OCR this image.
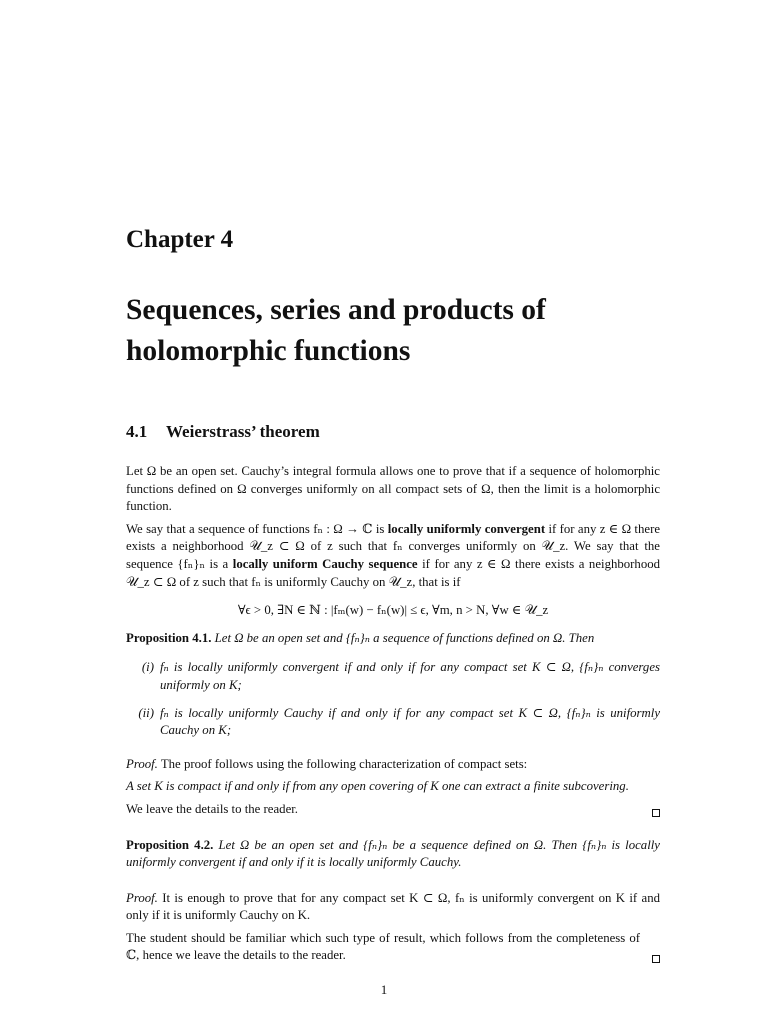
Chapter 4
Sequences, series and products of holomorphic functions
4.1 Weierstrass’ theorem

Let Ω be an open set. Cauchy’s integral formula allows one to prove that if a sequence of holomorphic functions defined on Ω converges uniformly on all compact sets of Ω, then the limit is a holomorphic function.

We say that a sequence of functions fₙ : Ω → ℂ is locally uniformly convergent if for any z ∈ Ω there exists a neighborhood 𝒰_z ⊂ Ω of z such that fₙ converges uniformly on 𝒰_z. We say that the sequence {fₙ}ₙ is a locally uniform Cauchy sequence if for any z ∈ Ω there exists a neighborhood 𝒰_z ⊂ Ω of z such that fₙ is uniformly Cauchy on 𝒰_z, that is if

∀ϵ > 0, ∃N ∈ ℕ : |fₘ(w) − fₙ(w)| ≤ ϵ, ∀m, n > N, ∀w ∈ 𝒰_z
Proposition 4.1. Let Ω be an open set and {fₙ}ₙ a sequence of functions defined on Ω. Then
(i) fₙ is locally uniformly convergent if and only if for any compact set K ⊂ Ω, {fₙ}ₙ converges uniformly on K;
(ii) fₙ is locally uniformly Cauchy if and only if for any compact set K ⊂ Ω, {fₙ}ₙ is uniformly Cauchy on K;

Proof. The proof follows using the following characterization of compact sets:

A set K is compact if and only if from any open covering of K one can extract a finite subcovering.

We leave the details to the reader.

Proposition 4.2. Let Ω be an open set and {fₙ}ₙ be a sequence defined on Ω. Then {fₙ}ₙ is locally uniformly convergent if and only if it is locally uniformly Cauchy.

Proof. It is enough to prove that for any compact set K ⊂ Ω, fₙ is uniformly convergent on K if and only if it is uniformly Cauchy on K.

The student should be familiar which such type of result, which follows from the completeness of ℂ, hence we leave the details to the reader.

1
